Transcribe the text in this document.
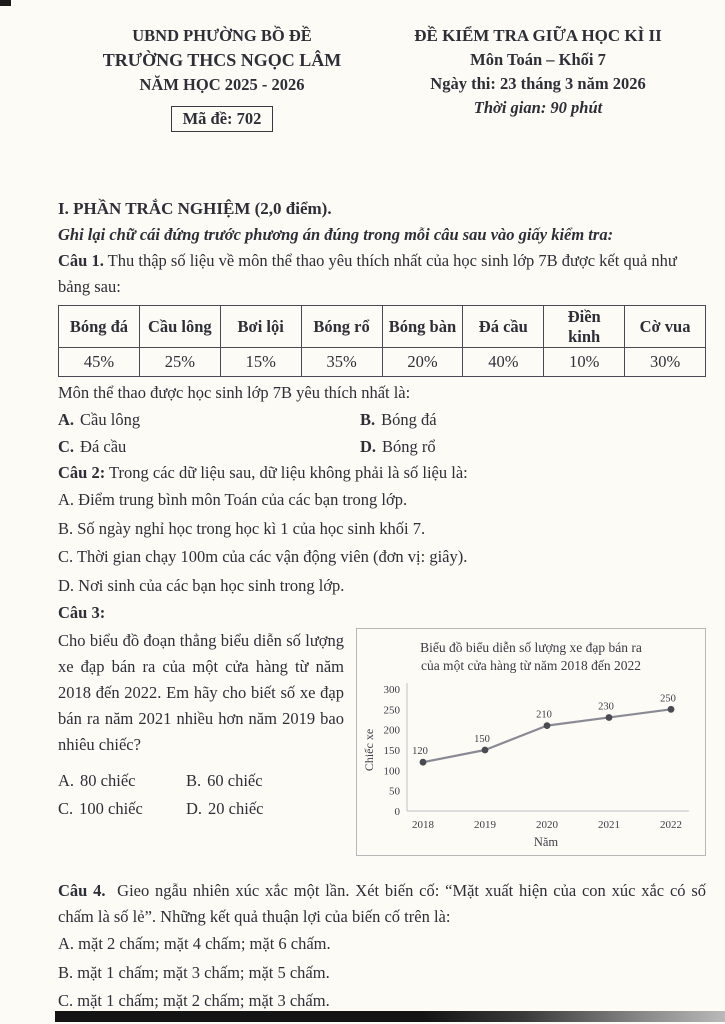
UBND PHƯỜNG BỒ ĐỀ
TRƯỜNG THCS NGỌC LÂM
NĂM HỌC 2025 - 2026
Mã đề: 702
ĐỀ KIỂM TRA GIỮA HỌC KÌ II
Môn Toán – Khối 7
Ngày thi: 23 tháng 3 năm 2026
Thời gian: 90 phút
I. PHẦN TRẮC NGHIỆM (2,0 điểm).
Ghi lại chữ cái đứng trước phương án đúng trong mỗi câu sau vào giấy kiểm tra:

Câu 1. Thu thập số liệu về môn thể thao yêu thích nhất của học sinh lớp 7B được kết quả như bảng sau:

Bóng đá	Cầu lông	Bơi lội	Bóng rổ	Bóng bàn	Đá cầu	Điền kinh	Cờ vua
45%	25%	15%	35%	20%	40%	10%	30%

Môn thể thao được học sinh lớp 7B yêu thích nhất là:

A. Cầu lông	B. Bóng đá
C. Đá cầu	D. Bóng rổ

Câu 2: Trong các dữ liệu sau, dữ liệu không phải là số liệu là:

A. Điểm trung bình môn Toán của các bạn trong lớp.

B. Số ngày nghỉ học trong học kì 1 của học sinh khối 7.

C. Thời gian chạy 100m của các vận động viên (đơn vị: giây).

D. Nơi sinh của các bạn học sinh trong lớp.

Câu 3:

Cho biểu đồ đoạn thẳng biểu diễn số lượng xe đạp bán ra của một cửa hàng từ năm 2018 đến 2022. Em hãy cho biết số xe đạp bán ra năm 2021 nhiều hơn năm 2019 bao nhiêu chiếc?
A. 80 chiếc	B. 60 chiếc
C. 100 chiếc	D. 20 chiếc
Biểu đồ biểu diễn số lượng xe đạp bán ra
của một cửa hàng từ năm 2018 đến 2022
0
50
100
150
200
250
300
2018	2019	2020	2021	2022
120
150
210
230
250
Chiếc xe
Năm

Câu 4. Gieo ngẫu nhiên xúc xắc một lần. Xét biến cố: “Mặt xuất hiện của con xúc xắc có số chấm là số lẻ”. Những kết quả thuận lợi của biến cố trên là:

A. mặt 2 chấm; mặt 4 chấm; mặt 6 chấm.

B. mặt 1 chấm; mặt 3 chấm; mặt 5 chấm.

C. mặt 1 chấm; mặt 2 chấm; mặt 3 chấm.
